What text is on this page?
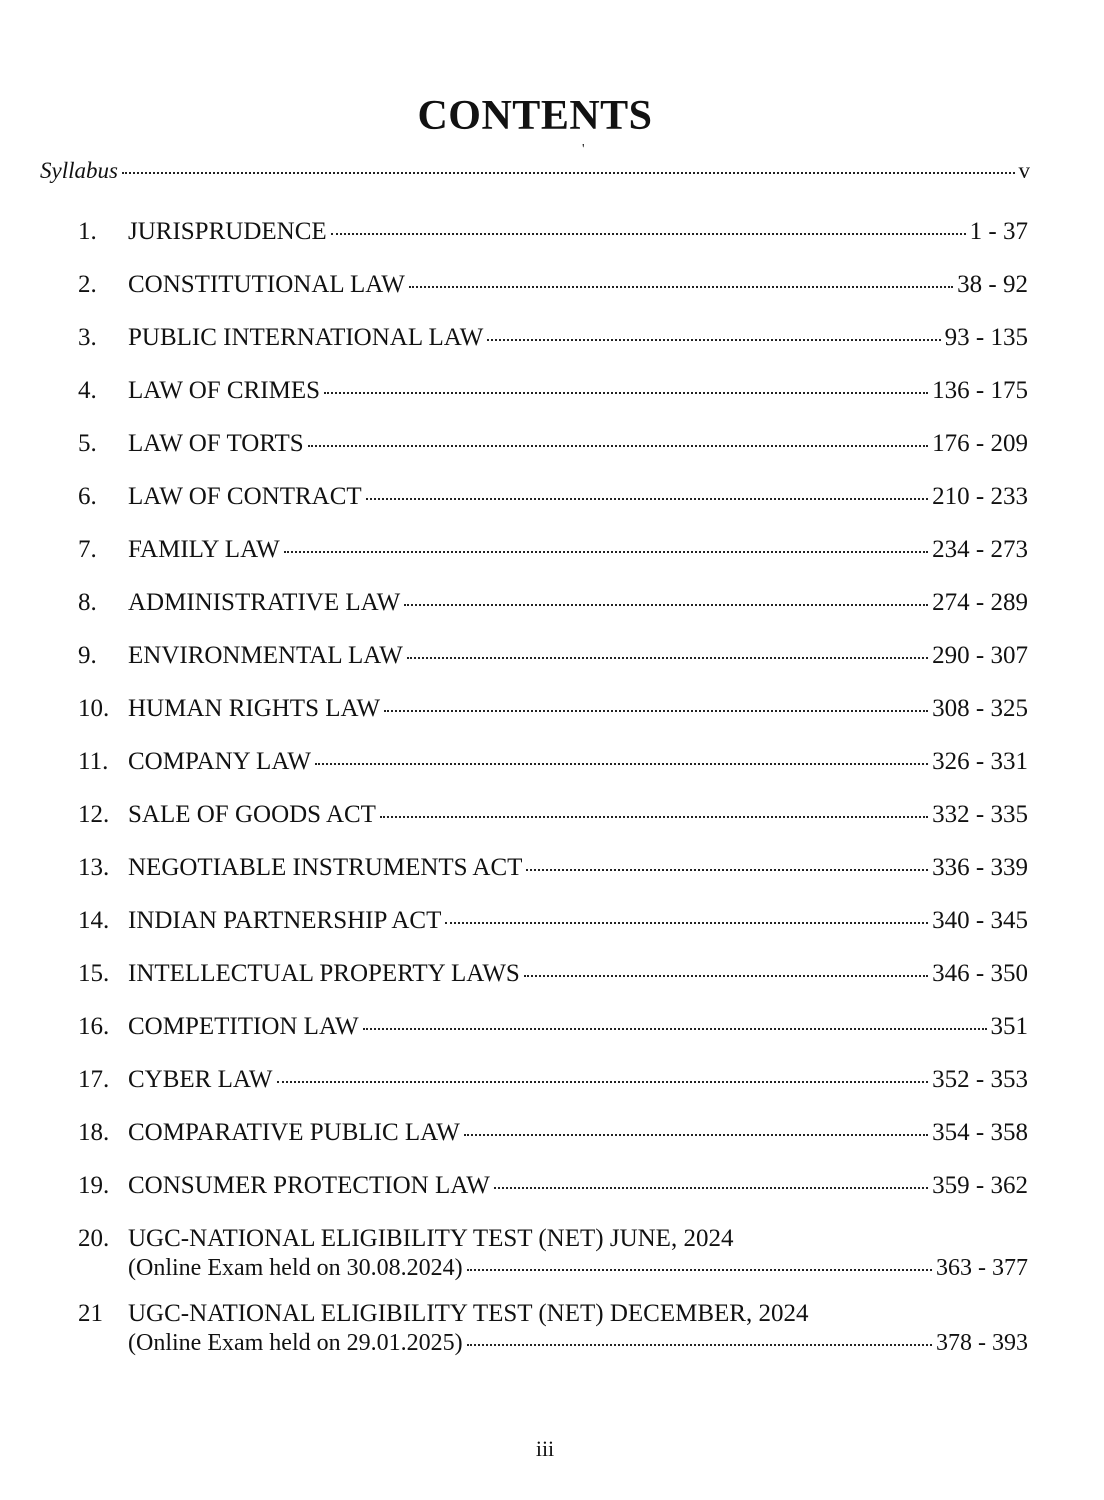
CONTENTS
'
Syllabus	v
1.	JURISPRUDENCE	1 - 37
2.	CONSTITUTIONAL LAW	38 - 92
3.	PUBLIC INTERNATIONAL LAW	93 - 135
4.	LAW OF CRIMES	136 - 175
5.	LAW OF TORTS	176 - 209
6.	LAW OF CONTRACT	210 - 233
7.	FAMILY LAW	234 - 273
8.	ADMINISTRATIVE LAW	274 - 289
9.	ENVIRONMENTAL LAW	290 - 307
10. HUMAN RIGHTS LAW	308 - 325
11. COMPANY LAW	326 - 331
12. SALE OF GOODS ACT	332 - 335
13. NEGOTIABLE INSTRUMENTS ACT	336 - 339
14. INDIAN PARTNERSHIP ACT	340 - 345
15. INTELLECTUAL PROPERTY LAWS	346 - 350
16. COMPETITION LAW	351
17. CYBER LAW	352 - 353
18. COMPARATIVE PUBLIC LAW	354 - 358
19. CONSUMER PROTECTION LAW	359 - 362
20. UGC-NATIONAL ELIGIBILITY TEST (NET) JUNE, 2024
(Online Exam held on 30.08.2024)	363 - 377
21	UGC-NATIONAL ELIGIBILITY TEST (NET) DECEMBER, 2024
(Online Exam held on 29.01.2025)	378 - 393
iii
